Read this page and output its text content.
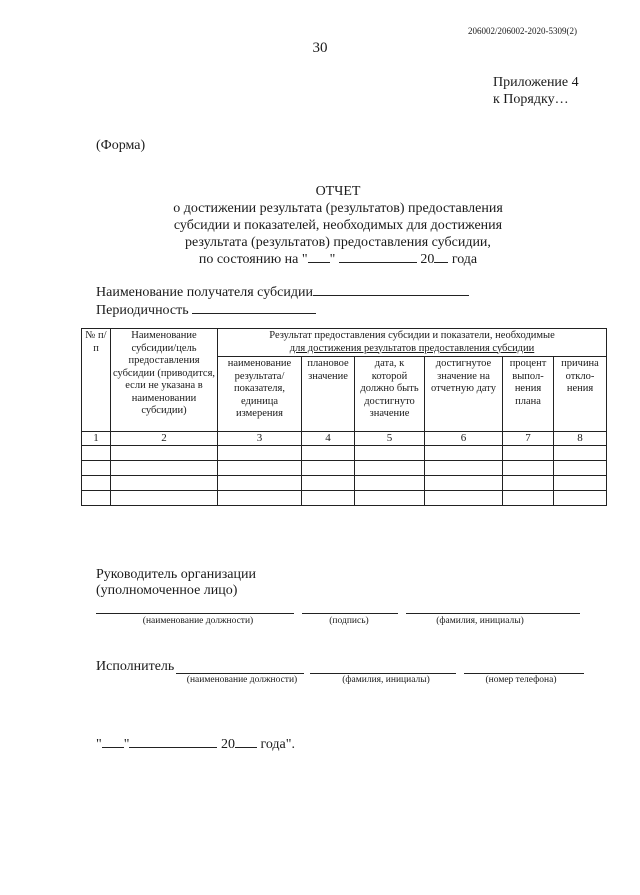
206002/206002-2020-5309(2)
30
Приложение 4
к Порядку…
(Форма)
ОТЧЕТ
о достижении результата (результатов) предоставления
субсидии и показателей, необходимых для достижения
результата (результатов) предоставления субсидии,
по состоянию на " "	20 года
Наименование получателя субсидии
Периодичность
№ п/п	Наименование субсидии/цель предоставления субсидии (приводится, если не указана в наименовании субсидии)	Результат предоставления субсидии и показатели, необходимые
для достижения результатов предоставления субсидии					

		наименование результата/ показателя, единица измерения	плановое значение	дата, к которой должно быть достигнуто значение	достигнутое значение на отчетную дату	процент выпол-нения плана	причина откло-нения
1	2	3	4	5	6	7	8

Руководитель организации
(уполномоченное лицо)
(наименование должности)	(подпись)	(фамилия, инициалы)
Исполнитель
(наименование должности)	(фамилия, инициалы)	(номер телефона)
" "	20 года".
